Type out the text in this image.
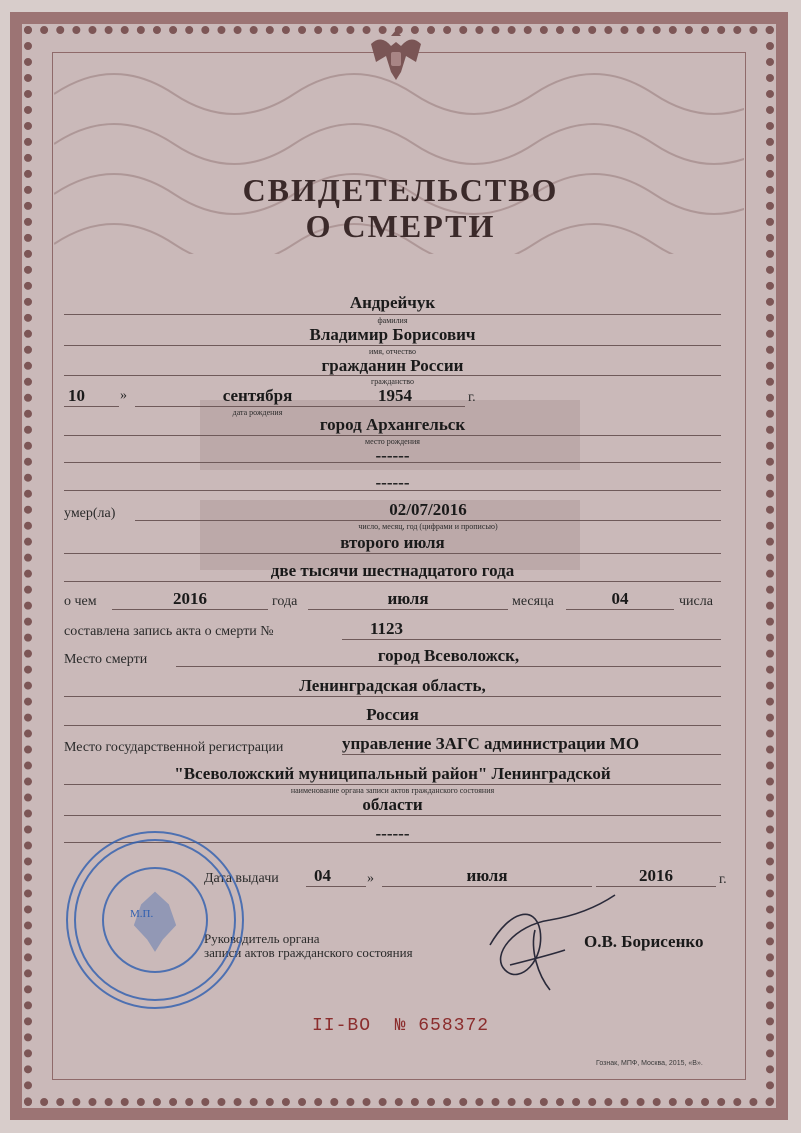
СВИДЕТЕЛЬСТВО
О СМЕРТИ
Андрейчук
фамилия
Владимир Борисович
имя, отчество
гражданин России
гражданство
10	»	сентября
дата рождения
1954	г.
город Архангельск
место рождения
------
------
умер(ла)	02/07/2016
число, месяц, год (цифрами и прописью)
второго июля
две тысячи шестнадцатого года
о чем	2016	года	июля	месяца	04	числа
составлена запись акта о смерти №	1123
Место смерти	город Всеволожск,
Ленинградская область,
Россия
Место государственной регистрации	управление ЗАГС администрации МО
"Всеволожский муниципальный район" Ленинградской
наименование органа записи актов гражданского состояния
области
------
Дата выдачи 04	»	июля	2016	г.
Руководитель органа
записи актов гражданского состояния
О.В. Борисенко
М.П.
II-ВО № 658372
Гознак, МПФ, Москва, 2015, «В».
